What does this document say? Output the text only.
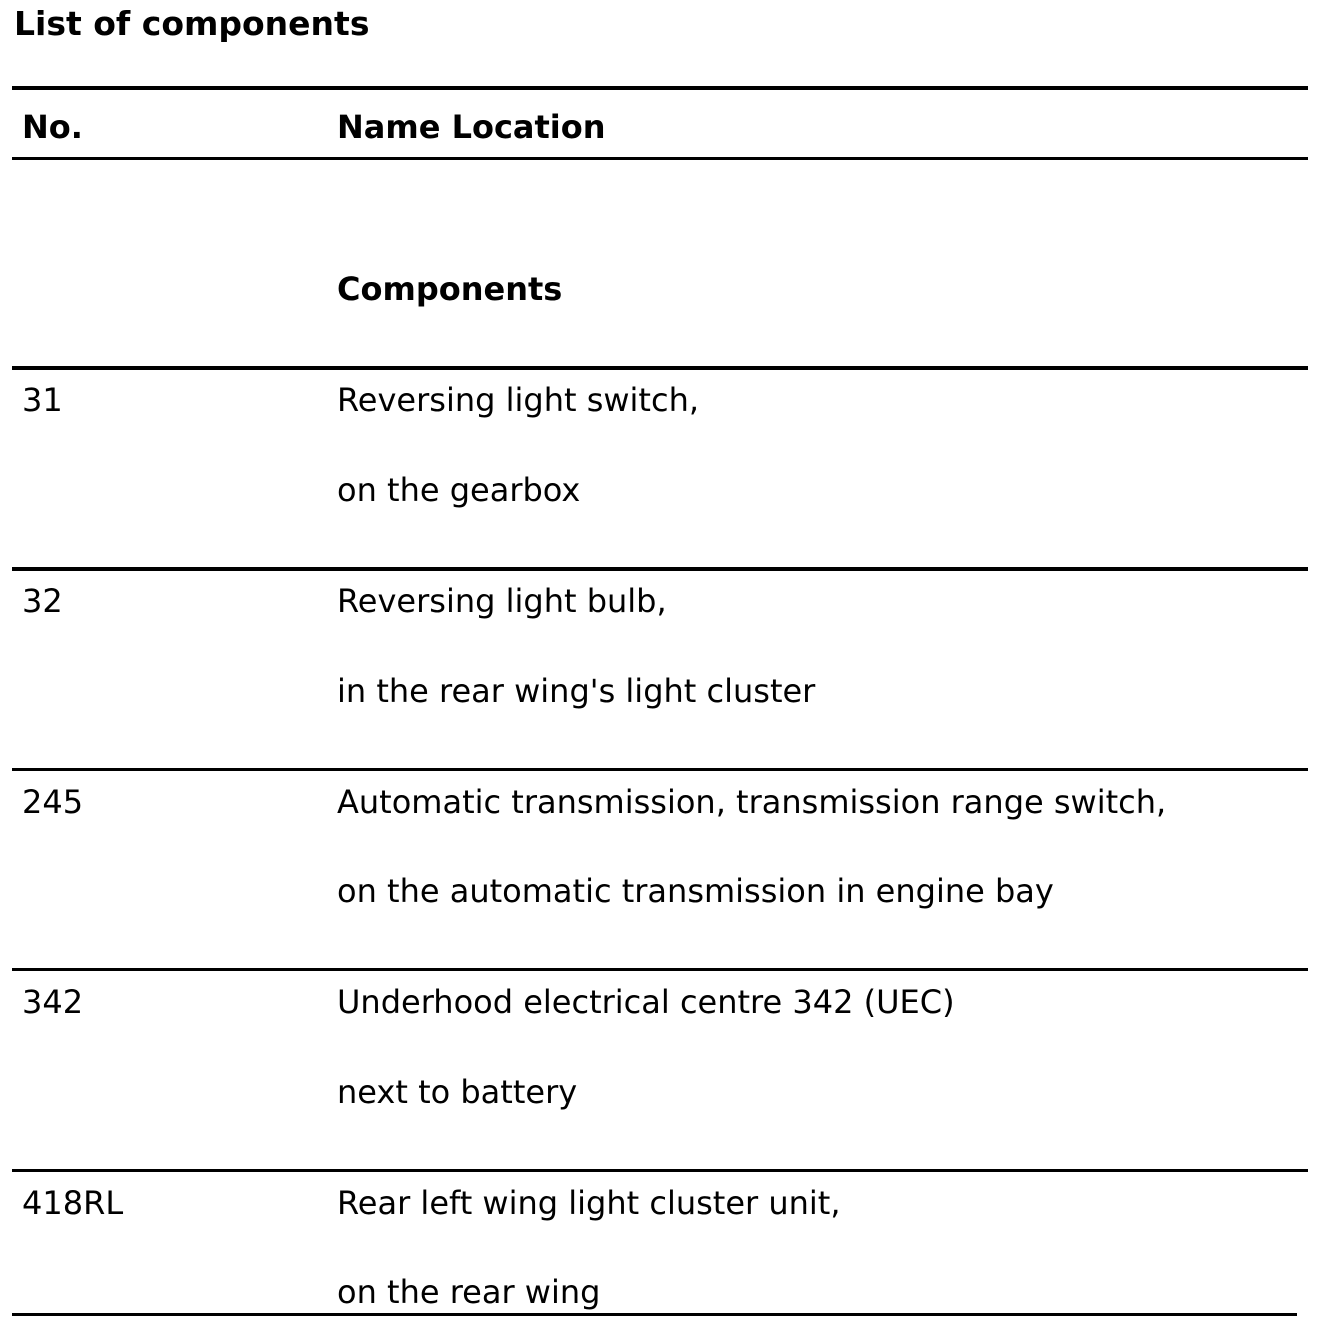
List of components
No.	Name Location
Components
31	Reversing light switch,
on the gearbox
32	Reversing light bulb,
in the rear wing's light cluster
245	Automatic transmission, transmission range switch,
on the automatic transmission in engine bay
342	Underhood electrical centre 342 (UEC)
next to battery
418RL	Rear left wing light cluster unit,
on the rear wing
